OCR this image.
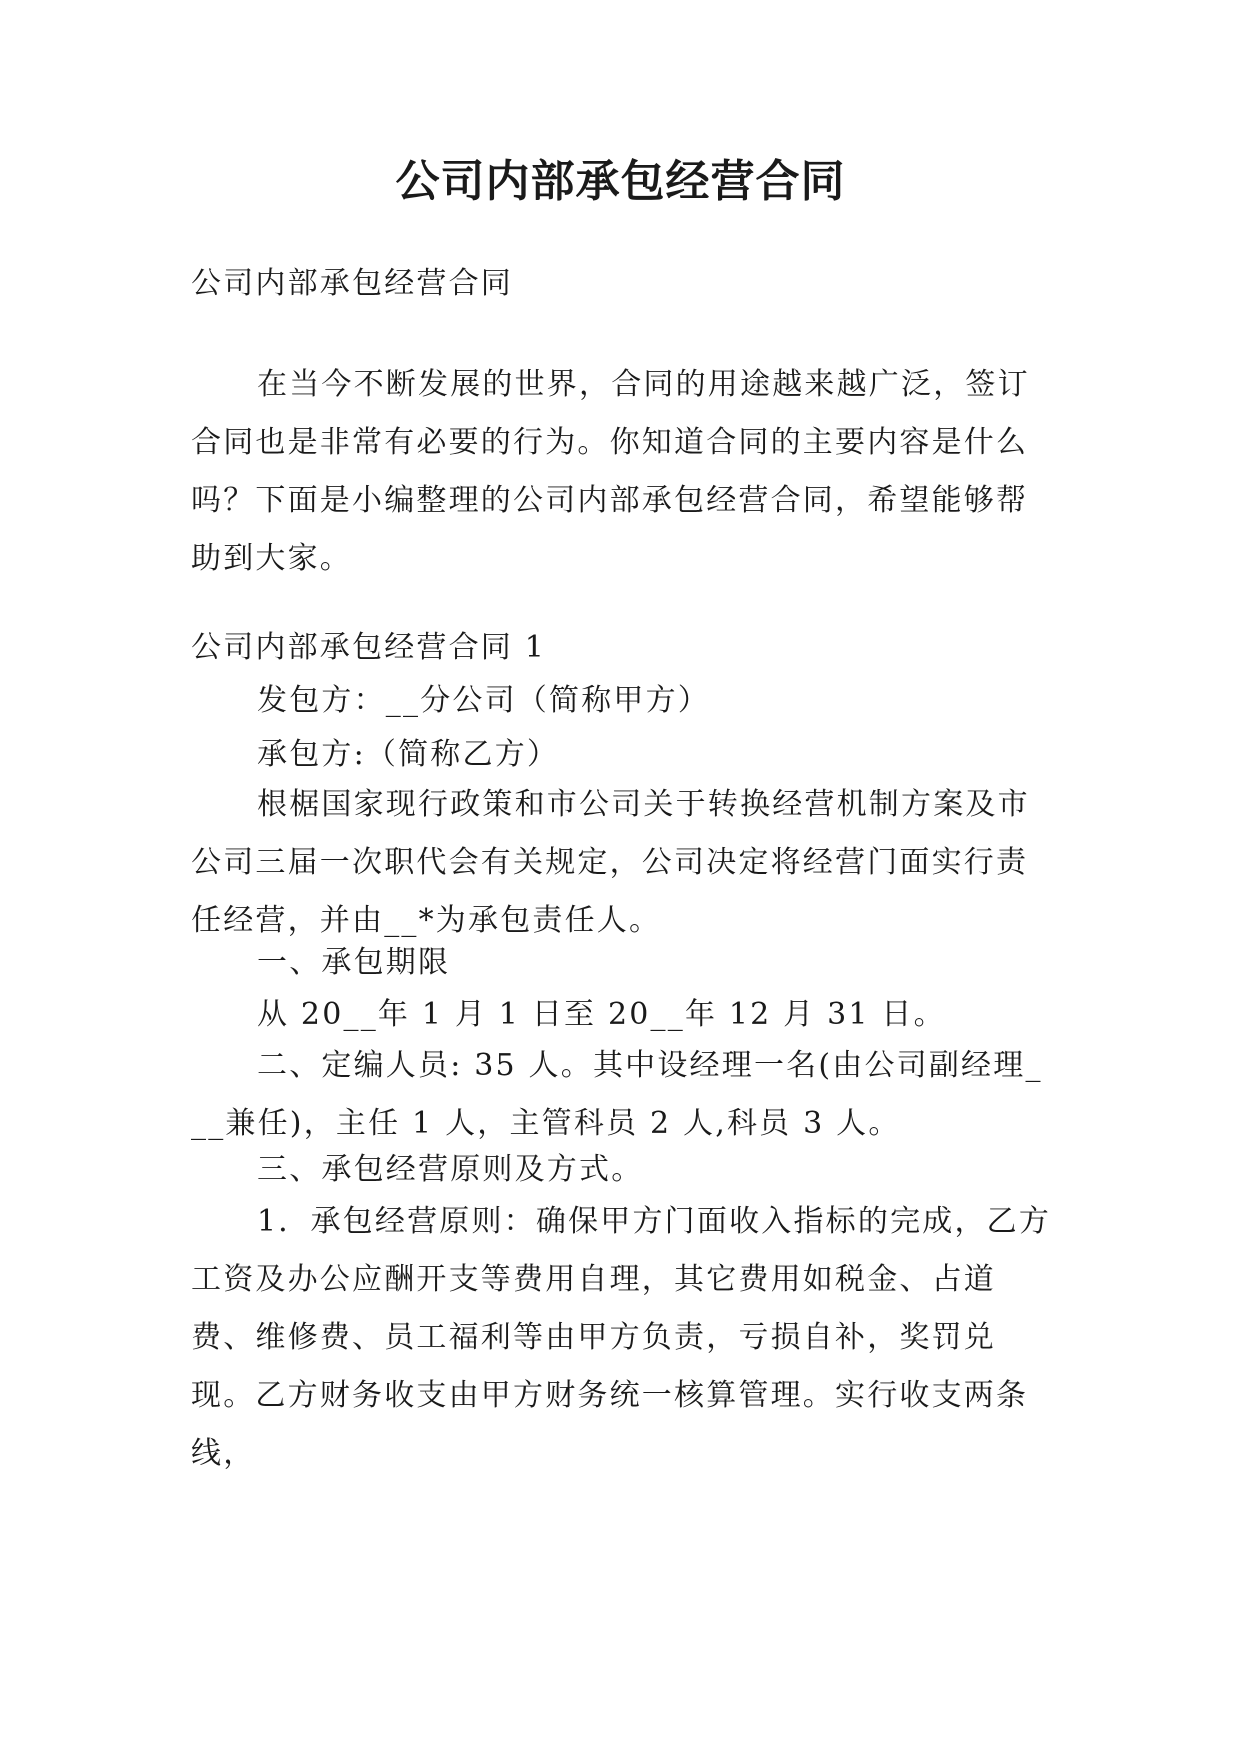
公司内部承包经营合同

公司内部承包经营合同

在当今不断发展的世界，合同的用途越来越广泛，签订合同也是非常有必要的行为。你知道合同的主要内容是什么吗？下面是小编整理的公司内部承包经营合同，希望能够帮助到大家。

公司内部承包经营合同 1

发包方：__分公司（简称甲方）

承包方:（简称乙方）

根椐国家现行政策和市公司关于转换经营机制方案及市公司三届一次职代会有关规定，公司决定将经营门面实行责任经营，并由__*为承包责任人。

一、承包期限

从 20__年 1 月 1 日至 20__年 12 月 31 日。

二、定编人员: 35 人。其中设经理一名(由公司副经理___兼任)，主任 1 人，主管科员 2 人,科员 3 人。

三、承包经营原则及方式。

1．承包经营原则：确保甲方门面收入指标的完成，乙方工资及办公应酬开支等费用自理，其它费用如税金、占道费、维修费、员工福利等由甲方负责，亏损自补，奖罚兑现。乙方财务收支由甲方财务统一核算管理。实行收支两条线，
